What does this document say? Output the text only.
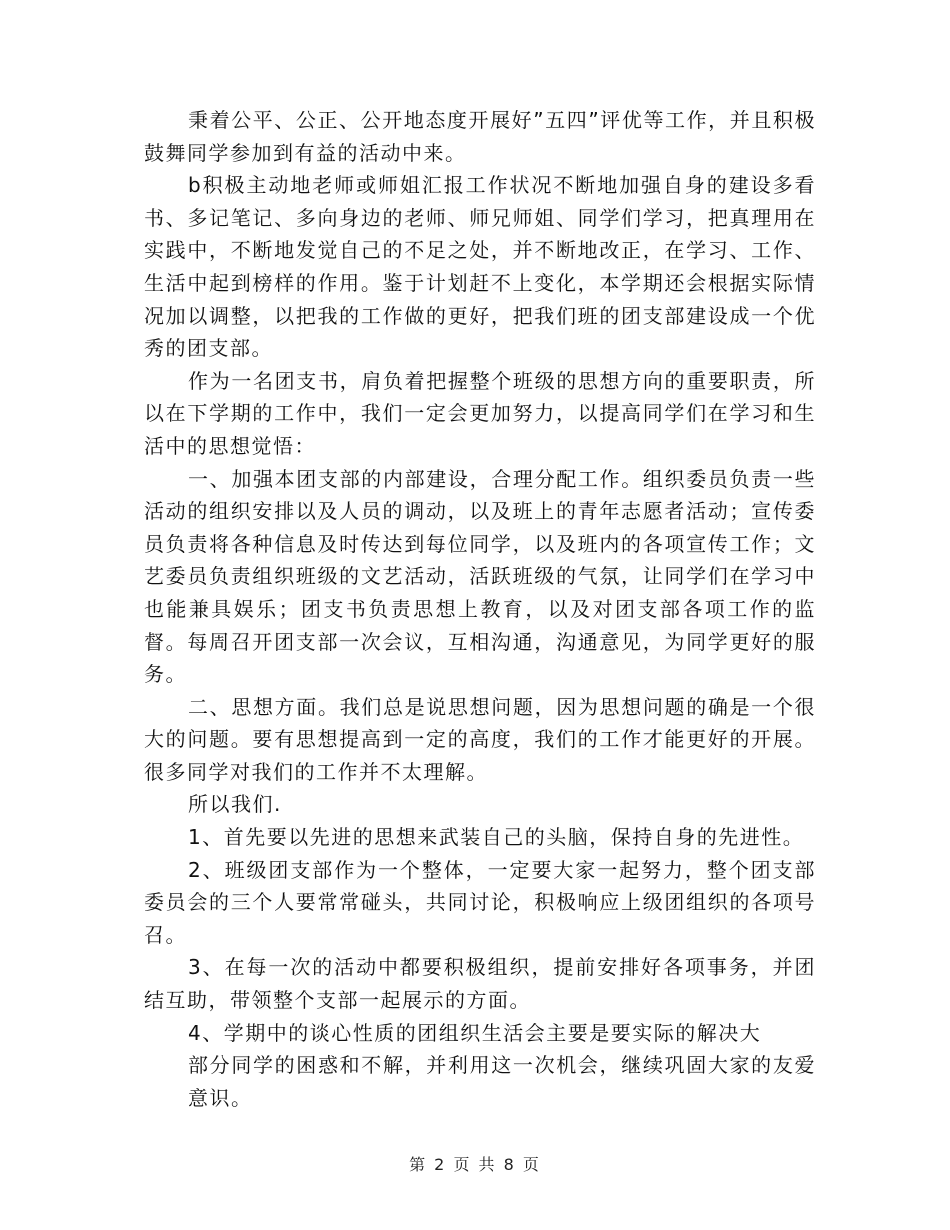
秉着公平、公正、公开地态度开展好”五四”评优等工作，并且积极鼓舞同学参加到有益的活动中来。

b积极主动地老师或师姐汇报工作状况不断地加强自身的建设多看书、多记笔记、多向身边的老师、师兄师姐、同学们学习，把真理用在实践中，不断地发觉自己的不足之处，并不断地改正，在学习、工作、生活中起到榜样的作用。鉴于计划赶不上变化，本学期还会根据实际情况加以调整，以把我的工作做的更好，把我们班的团支部建设成一个优秀的团支部。

作为一名团支书，肩负着把握整个班级的思想方向的重要职责，所以在下学期的工作中，我们一定会更加努力，以提高同学们在学习和生活中的思想觉悟：

一、加强本团支部的内部建设，合理分配工作。组织委员负责一些活动的组织安排以及人员的调动，以及班上的青年志愿者活动；宣传委员负责将各种信息及时传达到每位同学，以及班内的各项宣传工作；文艺委员负责组织班级的文艺活动，活跃班级的气氛，让同学们在学习中也能兼具娱乐；团支书负责思想上教育，以及对团支部各项工作的监督。每周召开团支部一次会议，互相沟通，沟通意见，为同学更好的服务。

二、思想方面。我们总是说思想问题，因为思想问题的确是一个很大的问题。要有思想提高到一定的高度，我们的工作才能更好的开展。很多同学对我们的工作并不太理解。

所以我们.

1、首先要以先进的思想来武装自己的头脑，保持自身的先进性。

2、班级团支部作为一个整体，一定要大家一起努力，整个团支部委员会的三个人要常常碰头，共同讨论，积极响应上级团组织的各项号召。

3、在每一次的活动中都要积极组织，提前安排好各项事务，并团结互助，带领整个支部一起展示的方面。

4、学期中的谈心性质的团组织生活会主要是要实际的解决大

部分同学的困惑和不解，并利用这一次机会，继续巩固大家的友爱意识。

第 2 页 共 8 页
